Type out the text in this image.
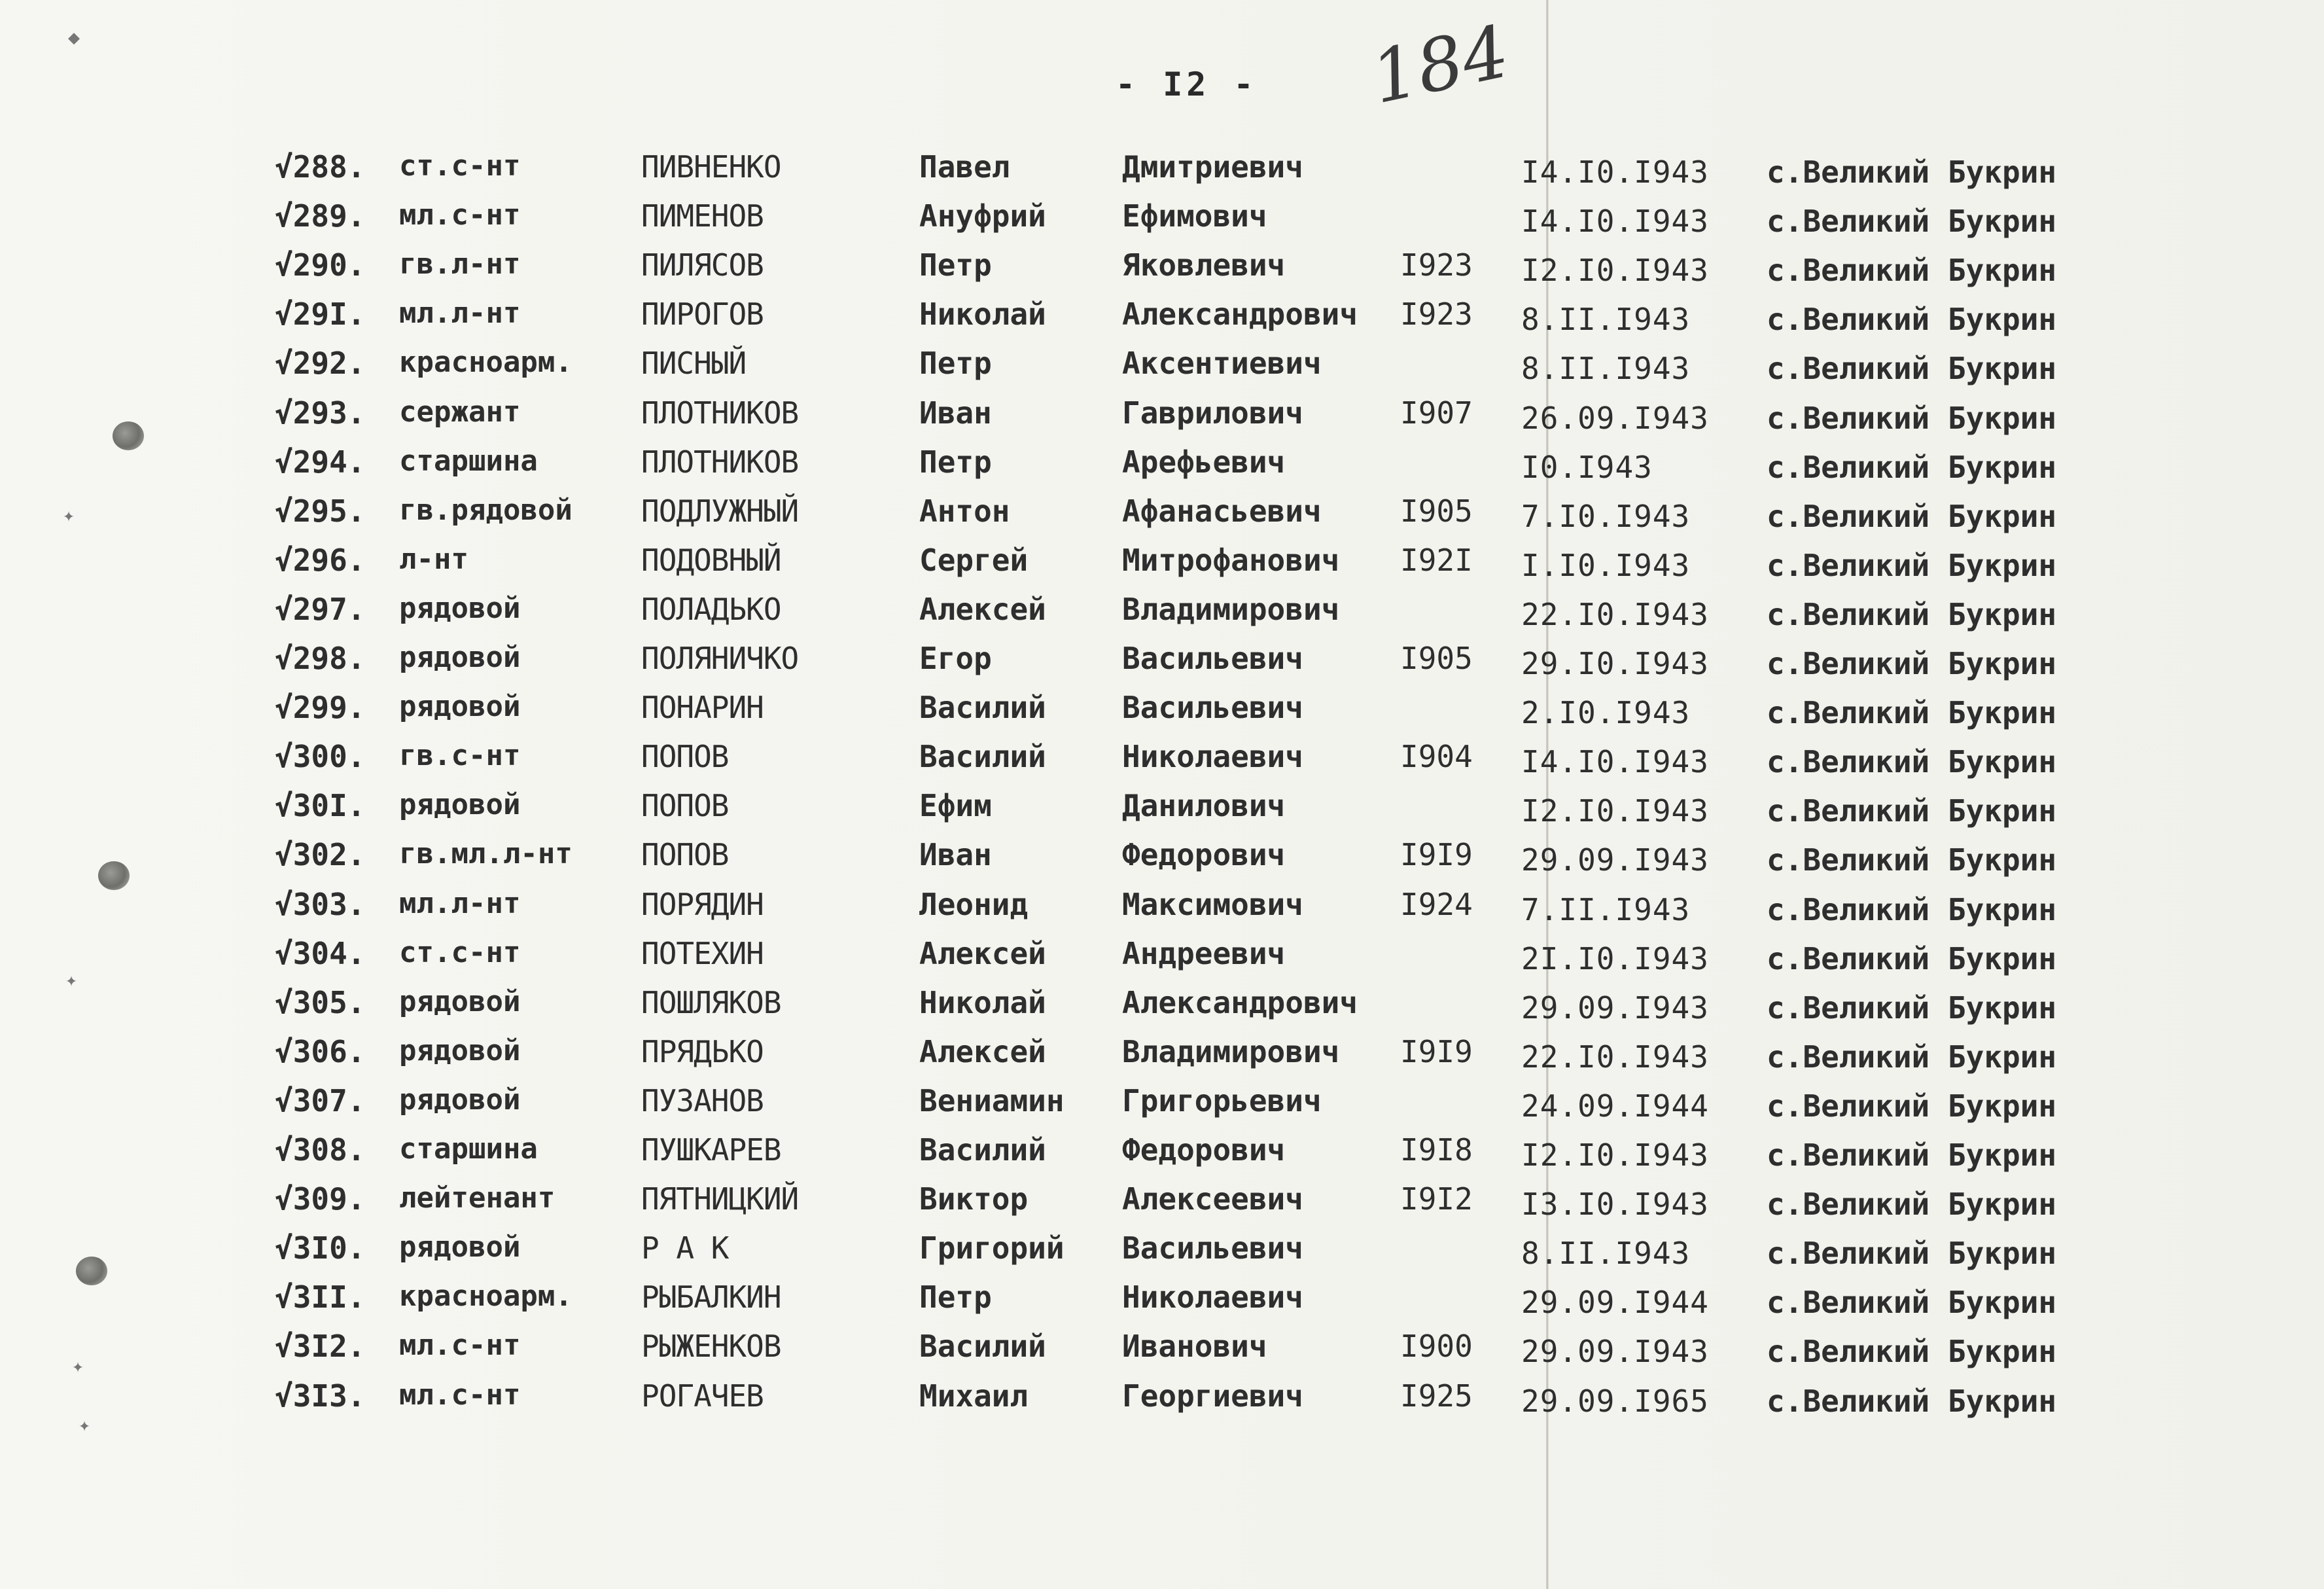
◆
✦
✦
✦
✦
- I2 - 184
√288. ст.с-нт	ПИВНЕНКО	Павел	Дмитриевич	I4.I0.I943 с.Великий Букрин
√289. мл.с-нт	ПИМЕНОВ	Ануфрий	Ефимович	I4.I0.I943 с.Великий Букрин
√290. гв.л-нт	ПИЛЯСОВ	Петр	Яковлевич	I923 I2.I0.I943 с.Великий Букрин
√29I. мл.л-нт	ПИРОГОВ	Николай	Александрович I923 8.II.I943	с.Великий Букрин
√292. красноарм. ПИСНЫЙ	Петр	Аксентиевич	8.II.I943	с.Великий Букрин
√293. сержант	ПЛОТНИКОВ	Иван	Гаврилович	I907 26.09.I943 с.Великий Букрин
√294. старшина	ПЛОТНИКОВ	Петр	Арефьевич	I0.I943	с.Великий Букрин
√295. гв.рядовой ПОДЛУЖНЫЙ	Антон	Афанасьевич	I905 7.I0.I943	с.Великий Букрин
√296. л-нт	ПОДОВНЫЙ	Сергей	Митрофанович I92I I.I0.I943	с.Великий Букрин
√297. рядовой	ПОЛАДЬКО	Алексей	Владимирович	22.I0.I943 с.Великий Букрин
√298. рядовой	ПОЛЯНИЧКО	Егор	Васильевич	I905 29.I0.I943 с.Великий Букрин
√299. рядовой	ПОНАРИН	Василий	Васильевич	2.I0.I943	с.Великий Букрин
√300. гв.с-нт	ПОПОВ	Василий	Николаевич	I904 I4.I0.I943 с.Великий Букрин
√30I. рядовой	ПОПОВ	Ефим	Данилович	I2.I0.I943 с.Великий Букрин
√302. гв.мл.л-нт ПОПОВ	Иван	Федорович	I9I9 29.09.I943 с.Великий Букрин
√303. мл.л-нт	ПОРЯДИН	Леонид	Максимович	I924 7.II.I943	с.Великий Букрин
√304. ст.с-нт	ПОТЕХИН	Алексей	Андреевич	2I.I0.I943 с.Великий Букрин
√305. рядовой	ПОШЛЯКОВ	Николай	Александрович	29.09.I943 с.Великий Букрин
√306. рядовой	ПРЯДЬКО	Алексей	Владимирович I9I9 22.I0.I943 с.Великий Букрин
√307. рядовой	ПУЗАНОВ	Вениамин Григорьевич	24.09.I944 с.Великий Букрин
√308. старшина	ПУШКАРЕВ	Василий	Федорович	I9I8 I2.I0.I943 с.Великий Букрин
√309. лейтенант	ПЯТНИЦКИЙ	Виктор	Алексеевич	I9I2 I3.I0.I943 с.Великий Букрин
√3I0. рядовой	Р А К	Григорий Васильевич	8.II.I943	с.Великий Букрин
√3II. красноарм. РЫБАЛКИН	Петр	Николаевич	29.09.I944 с.Великий Букрин
√3I2. мл.с-нт	РЫЖЕНКОВ	Василий	Иванович	I900 29.09.I943 с.Великий Букрин
√3I3. мл.с-нт	РОГАЧЕВ	Михаил	Георгиевич	I925 29.09.I965 с.Великий Букрин
